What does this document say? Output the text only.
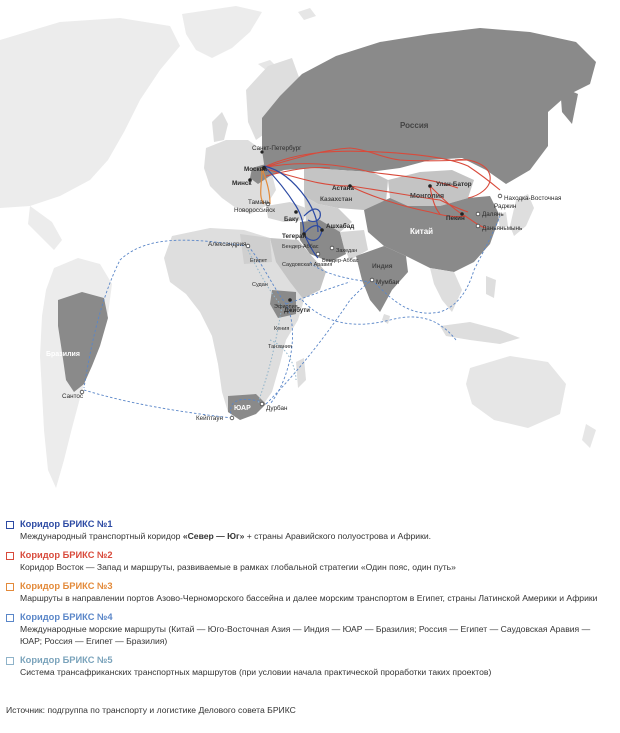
Россия
Казахстан	Монголия
Китай
Индия
Бразилия
ЮАР
Саудовская Аравия
Египет
Эфиопия
Судан
Кения
Танзания
Санкт-Петербург
Москва
Минск
Тамань
Новороссийск
Астана
Баку
Ашхабад
Тегеран
Бендер-Аббас
Захедан
Бендер-Аббас
Александрия
Джибути
Мумбаи
Улан-Батор
Пекин
Далянь
Находка-Восточная
Раджин
Даньяньмынь
Сантос
Кейптаун
Дурбан
Коридор БРИКС №1
Международный транспортный коридор «Север — Юг» + страны Аравийского полуострова и Африки.
Коридор БРИКС №2
Коридор Восток — Запад и маршруты, развиваемые в рамках глобальной стратегии «Один пояс, один путь»
Коридор БРИКС №3
Маршруты в направлении портов Азово-Черноморского бассейна и далее морским транспортом в Египет, страны Латинской Америки и Африки
Коридор БРИКС №4
Международные морские маршруты (Китай — Юго-Восточная Азия — Индия — ЮАР — Бразилия; Россия — Египет — Саудовская Аравия — ЮАР; Россия — Египет — Бразилия)
Коридор БРИКС №5
Система трансафриканских транспортных маршрутов (при условии начала практической проработки таких проектов)
Источник: подгруппа по транспорту и логистике Делового совета БРИКС
